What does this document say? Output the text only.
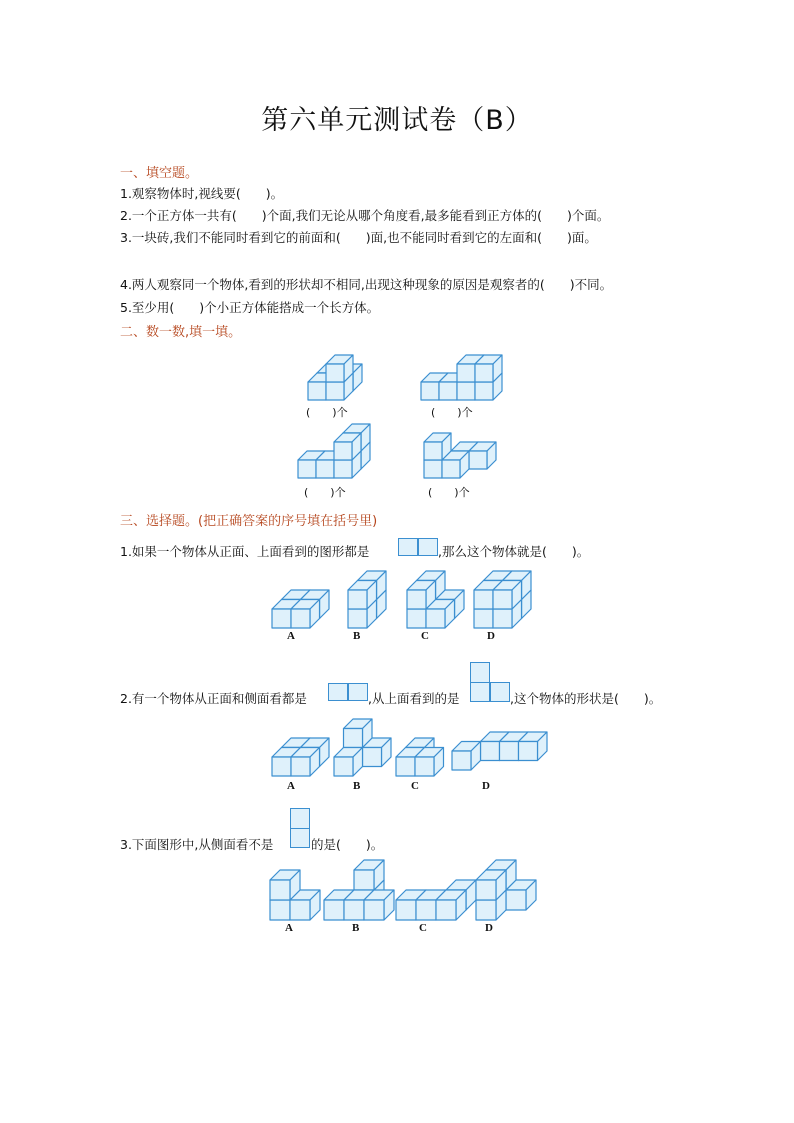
第六单元测试卷（B）
一、填空题。
1.观察物体时,视线要(　　)。
2.一个正方体一共有(　　)个面,我们无论从哪个角度看,最多能看到正方体的(　　)个面。
3.一块砖,我们不能同时看到它的前面和(　　)面,也不能同时看到它的左面和(　　)面。
4.两人观察同一个物体,看到的形状却不相同,出现这种现象的原因是观察者的(　　)不同。
5.至少用(　　)个小正方体能搭成一个长方体。
二、数一数,填一填。
(　　)个	(　　)个
(　　)个	(　　)个
三、选择题。(把正确答案的序号填在括号里)
1.如果一个物体从正面、上面看到的图形都是	,那么这个物体就是(　　)。
A	B	C	D
2.有一个物体从正面和侧面看都是	,从上面看到的是	,这个物体的形状是(　　)。
A	B	C	D
3.下面图形中,从侧面看不是	的是(　　)。
A	B	C	D
